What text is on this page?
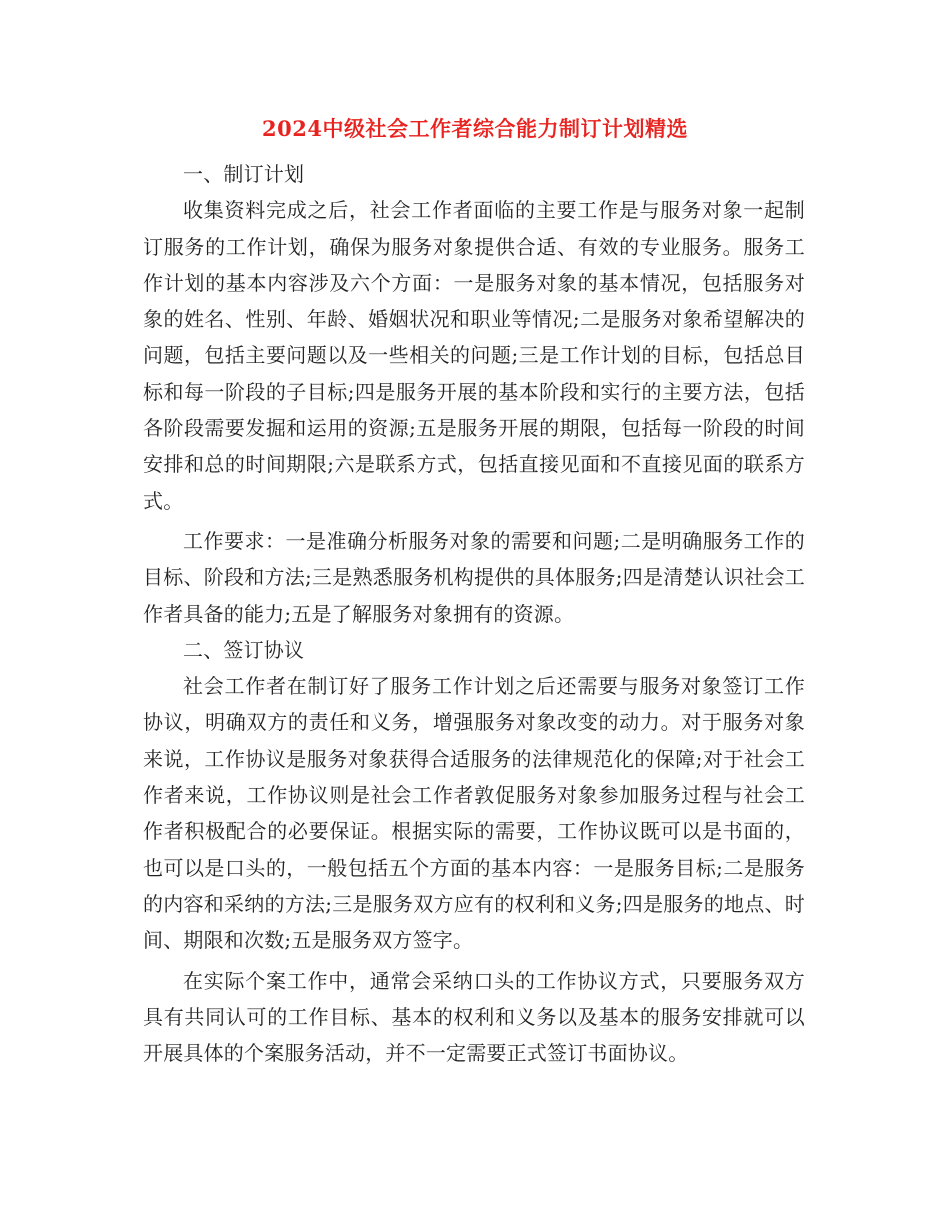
2024中级社会工作者综合能力制订计划精选

一、制订计划

收集资料完成之后，社会工作者面临的主要工作是与服务对象一起制订服务的工作计划，确保为服务对象提供合适、有效的专业服务。服务工作计划的基本内容涉及六个方面：一是服务对象的基本情况，包括服务对象的姓名、性别、年龄、婚姻状况和职业等情况;二是服务对象希望解决的问题，包括主要问题以及一些相关的问题;三是工作计划的目标，包括总目标和每一阶段的子目标;四是服务开展的基本阶段和实行的主要方法，包括各阶段需要发掘和运用的资源;五是服务开展的期限，包括每一阶段的时间安排和总的时间期限;六是联系方式，包括直接见面和不直接见面的联系方式。

工作要求：一是准确分析服务对象的需要和问题;二是明确服务工作的目标、阶段和方法;三是熟悉服务机构提供的具体服务;四是清楚认识社会工作者具备的能力;五是了解服务对象拥有的资源。

二、签订协议

社会工作者在制订好了服务工作计划之后还需要与服务对象签订工作协议，明确双方的责任和义务，增强服务对象改变的动力。对于服务对象来说，工作协议是服务对象获得合适服务的法律规范化的保障;对于社会工作者来说，工作协议则是社会工作者敦促服务对象参加服务过程与社会工作者积极配合的必要保证。根据实际的需要，工作协议既可以是书面的，也可以是口头的，一般包括五个方面的基本内容：一是服务目标;二是服务的内容和采纳的方法;三是服务双方应有的权利和义务;四是服务的地点、时间、期限和次数;五是服务双方签字。

在实际个案工作中，通常会采纳口头的工作协议方式，只要服务双方具有共同认可的工作目标、基本的权利和义务以及基本的服务安排就可以开展具体的个案服务活动，并不一定需要正式签订书面协议。
